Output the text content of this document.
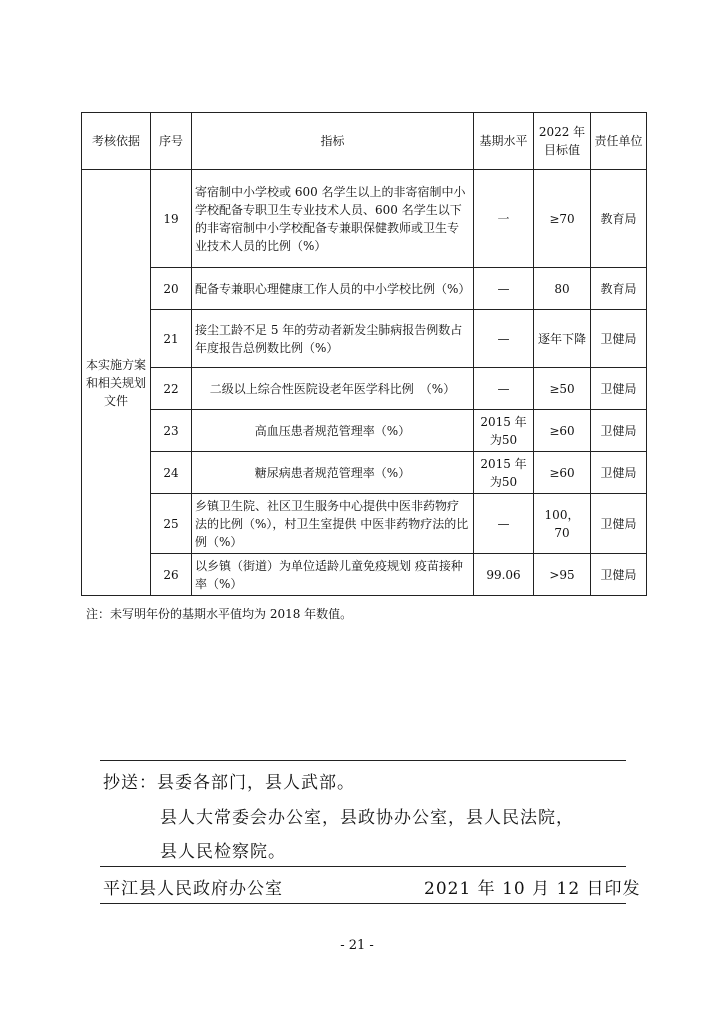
考核依据	序号	指标	基期水平	2022 年目标值	责任单位
本实施方案和相关规划文件	19	寄宿制中小学校或 600 名学生以上的非寄宿制中小学校配备专职卫生专业技术人员、600 名学生以下的非寄宿制中小学校配备专兼职保健教师或卫生专业技术人员的比例（%）	一	≥70	教育局
	20	配备专兼职心理健康工作人员的中小学校比例（%）	—	80	教育局
	21	接尘工龄不足 5 年的劳动者新发尘肺病报告例数占年度报告总例数比例（%）	—	逐年下降	卫健局
	22	二级以上综合性医院设老年医学科比例　（%）	—	≥50	卫健局
	23	高血压患者规范管理率（%）	2015 年为50	≥60	卫健局
	24	糖尿病患者规范管理率（%）	2015 年为50	≥60	卫健局
	25	乡镇卫生院、社区卫生服务中心提供中医非药物疗法的比例（%），村卫生室提供 中医非药物疗法的比例（%）	—	100，70	卫健局
	26	以乡镇（街道）为单位适龄儿童免疫规划 疫苗接种率（%）	99.06	>95	卫健局
注：未写明年份的基期水平值均为 2018 年数值。
抄送：县委各部门，县人武部。
县人大常委会办公室，县政协办公室，县人民法院，
县人民检察院。
平江县人民政府办公室	2021 年 10 月 12 日印发
- 21 -
